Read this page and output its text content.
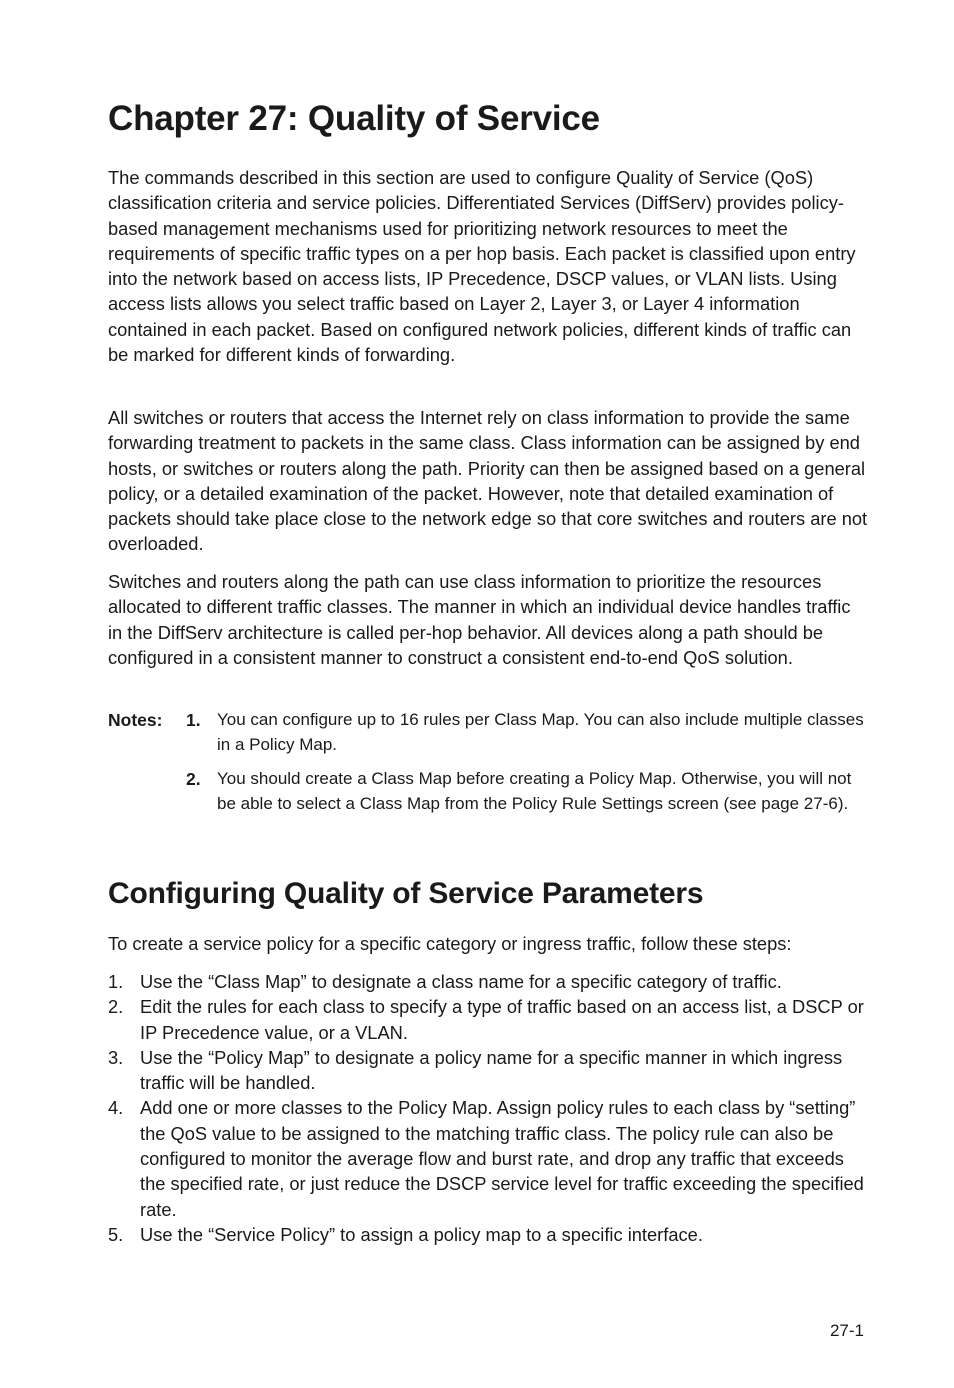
Chapter 27: Quality of Service

The commands described in this section are used to configure Quality of Service (QoS) classification criteria and service policies. Differentiated Services (DiffServ) provides policy-based management mechanisms used for prioritizing network resources to meet the requirements of specific traffic types on a per hop basis. Each packet is classified upon entry into the network based on access lists, IP Precedence, DSCP values, or VLAN lists. Using access lists allows you select traffic based on Layer 2, Layer 3, or Layer 4 information contained in each packet. Based on configured network policies, different kinds of traffic can be marked for different kinds of forwarding.

All switches or routers that access the Internet rely on class information to provide the same forwarding treatment to packets in the same class. Class information can be assigned by end hosts, or switches or routers along the path. Priority can then be assigned based on a general policy, or a detailed examination of the packet. However, note that detailed examination of packets should take place close to the network edge so that core switches and routers are not overloaded.

Switches and routers along the path can use class information to prioritize the resources allocated to different traffic classes. The manner in which an individual device handles traffic in the DiffServ architecture is called per-hop behavior. All devices along a path should be configured in a consistent manner to construct a consistent end-to-end QoS solution.

Notes: 1. You can configure up to 16 rules per Class Map. You can also include multiple classes in a Policy Map.

2. You should create a Class Map before creating a Policy Map. Otherwise, you will not be able to select a Class Map from the Policy Rule Settings screen (see page 27-6).

Configuring Quality of Service Parameters

To create a service policy for a specific category or ingress traffic, follow these steps:

1. Use the “Class Map” to designate a class name for a specific category of traffic.
2. Edit the rules for each class to specify a type of traffic based on an access list, a DSCP or IP Precedence value, or a VLAN.
3. Use the “Policy Map” to designate a policy name for a specific manner in which ingress traffic will be handled.
4. Add one or more classes to the Policy Map. Assign policy rules to each class by “setting” the QoS value to be assigned to the matching traffic class. The policy rule can also be configured to monitor the average flow and burst rate, and drop any traffic that exceeds the specified rate, or just reduce the DSCP service level for traffic exceeding the specified rate.
5. Use the “Service Policy” to assign a policy map to a specific interface.
27-1
